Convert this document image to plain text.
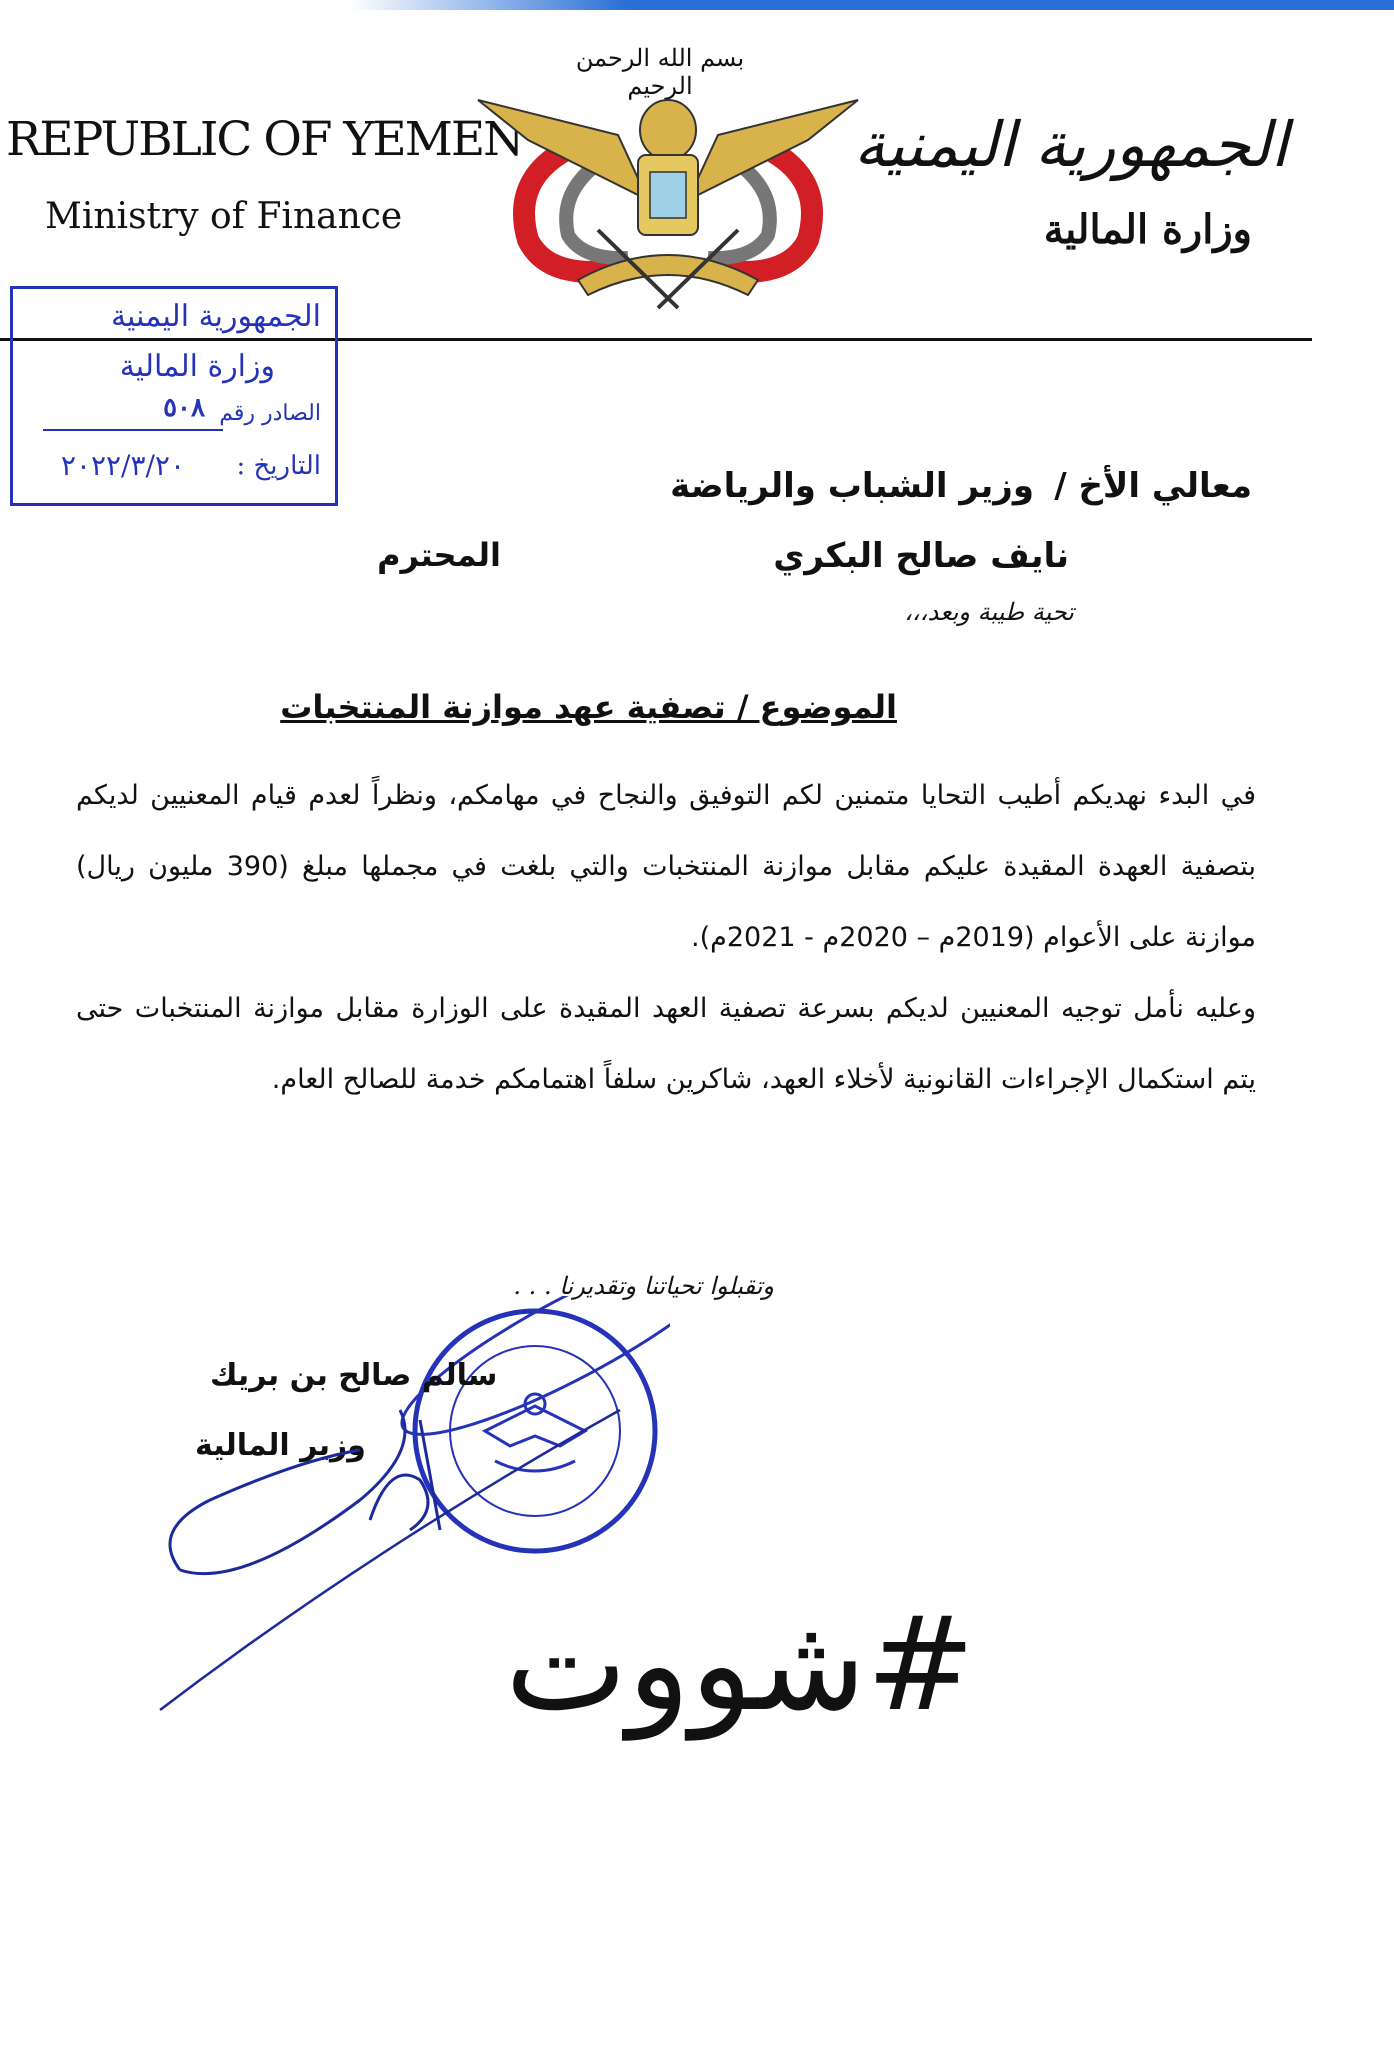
REPUBLIC OF YEMEN
Ministry of Finance
الجمهورية اليمنية
وزارة المالية
بسم الله الرحمن الرحيم
الجمهورية اليمنية
وزارة المالية
الصادر رقم
٥٠٨
التاريخ :
٢٠٢٢/٣/٢٠
معالي الأخ /
وزير الشباب والرياضة
نايف صالح البكري
المحترم
تحية طيبة وبعد،،،
الموضوع / تصفية عهد موازنة المنتخبات
في البدء نهديكم أطيب التحايا متمنين لكم التوفيق والنجاح في مهامكم، ونظراً لعدم قيام المعنيين لديكم بتصفية العهدة المقيدة عليكم مقابل موازنة المنتخبات والتي بلغت في مجملها مبلغ (390 مليون ريال) موازنة على الأعوام (2019م – 2020م - 2021م).
وعليه نأمل توجيه المعنيين لديكم بسرعة تصفية العهد المقيدة على الوزارة مقابل موازنة المنتخبات حتى يتم استكمال الإجراءات القانونية لأخلاء العهد، شاكرين سلفاً اهتمامكم خدمة للصالح العام.
وتقبلوا تحياتنا وتقديرنا . . .
سالم صالح بن بريك
وزير المالية
#شووت
